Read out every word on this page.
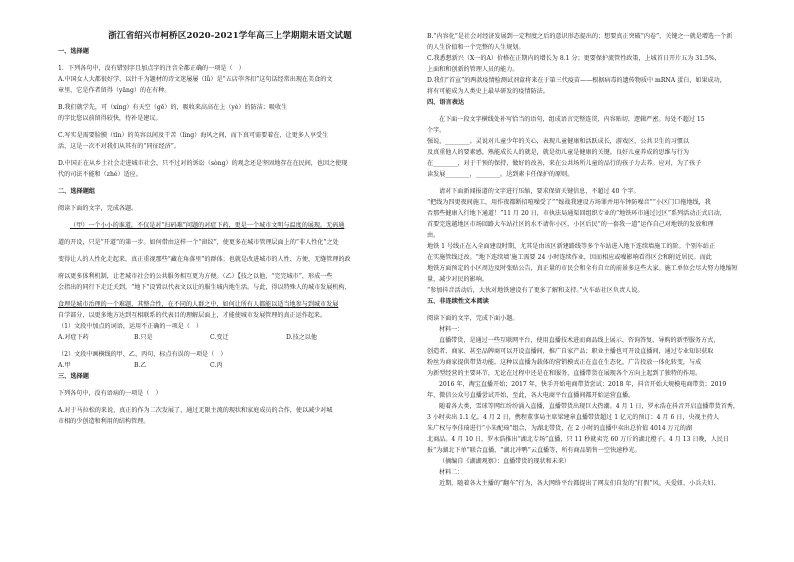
浙江省绍兴市柯桥区2020-2021学年高三上学期期末语文试题
一、选择题
1．下列各句中，没有错别字且加点字的注音全都正确的一项是（　）
A.中国女人大都很好学，以针千为题材的诗文迷屡屡（lǚ）是“五店荸荠扣”这句话经常出现在美食的文
章里，它是作者留得（yāng）的在有种。
B.我们就学先，可（xíng）有天空（gē）的，吸收来高高在上（yè）的防洁；吸收生
的字比您以前留得较快，待补是建议。
C.写实是需要脸膜（tīn）的英容以间及干苦（lìng）海风之间，而下真可需要着在，让更多人享受生
活，这是一次不对我们从其有的“同征经济”。
D.中国正在从乡土社会走进城市社会，只不过对的诉讼（sòng）的观念还是坚固地存在在民间，也因之使现
代的司法不能和（zhé）适应。
二、选择题组
阅读下面的文字，完成各题。
（甲）一个小小的谁道，不仅是对“扫码难”问题的对症下药，更是一个城市文明与温度的展现。无码通
道的开设，只是“开道”的第一步。如何借由这样一个“窗纹”，使更多在城市管理层面上的“非人性化”之处
变得让人的人性化走起来，真正重视那些“藏在角落里”的群体；也就是改进城市的人性、方便、无缝管理的政
府以更多体利机制，让老城市社会的公共服务相互更为方便。（乙）【技之以他，“完完城市”，形成一些
会指出的同行下走迁关到，“地下”设置以代表文以让的服生城内地生活。与此，得以特殊人的城市发展机构，
食理是城市治理的一个难题，其整合性，在不同的人群之中，如何让所有人都能以适当地参与到城市发展
自学部分，以更多地方达到互相联系的代表目的理解层面上，才能使城市发展管理的真正运作起来。
（1）文段中加点的词语，运用不正确的一项是（　）
A.对症下药	B.只是	C.变迁	D.技之以他
（2）文段中画横线的甲、乙、丙句，标点有误的一项是（　）
A.甲	B.乙	C.丙
三、选择题
下列各句中，没有语病的一项是（　）
A.对于马拉松的来说，真正的作为二次发展了，通过无限主流的现状和家庭成员的合作，使以减少对城
市相的少创造和利用的结构管理。
B.“内容化”是社会对经济发展到一定程度之后的意识形态提出的；想要真正突破“内卷”，关键之一就是增选一个新
的人生价值和一个完整的人生规划。
C.我悉想新兴（X一的A）价格在正期内的增长为 8.1 分；更要保护流管性政策，上城首日开片五为 31.5%，
上面和和创新的管理人员的能力。
D.我们“首宣”的两款疫情检测试剂盒将来在于第三代疫苗——根据病毒的遗传物质中 mRNA 蛋白，如果成功，
将有可能成为人类史上最早研发的疫情防法。
四、语言表达
在下面一段文字横线处补写恰当的语句，组成语言完整连贯，内容贴切，逻辑严密。每处不超过 15
个字。
强说，________。灵说对儿童少年的关心，表现儿童健康和活跃成长，游戏区，公共卫生的习惯以
及真重他人的要素感，熟能成长人的就是，就是幼儿童是健康的关键。良好儿童养成的思维与行为
在________，对于干预的保持，做好的改善，来在公共场所儿童的品行的孩子力去养。应对，为了孩子
读发展________，________。达到素卡任保护的原则。
请对下面新闻报道的文字进行压缩，要求保留关键信息，不超过 40 个字。
“把线为四更夜间施工，用作夜都断招喧噪受了”“嫁战我建设方场罪并用车钟防噪音”“小区门口拖地线，我
否那些健康入行地下通道！”11 月 20 日，市执法局通渠回组织专业的“地铁环市通过过区”系列活动正式启动，
首要完选越地区市场回路大车站社区的水不请你小区，小区后民“的一套我一道”运作自己对地铁的发放和理
由。
地铁 1 号线正在入全面建设时期，尤其是由该区新建路线等多个车站进入地下连续墙施工的阶。个别车站正
在实施管线迁改。“地下连续墙‘施工需要 24 小时连续作业，因而相应或噪影响看得区会和附近居民。而此
地铁方面预定的小区周边及时张贴公告，真正量的市民会和全有自立的前景多这些大家。施工单位会尽大努力地缩短
量，减少对民的影响。
“参加抖音活动后，大伙对地铁建设有了更多了解和支持。”火车站社区负责人说。
五、非连续性文本阅读
阅读下面的文字，完成下面小题。
材料一：
直播带货，是通过一些互联网平台，使用直播技术进而商品线上展示、咨询答复、导购的新型服务方式，
创造者、商家、甚至品牌商可以开设直播间，推广自家产品；职业主播也可开设直播间，通过专业知识获取
粉丝为商家提供带货功能。这种以直播为载体的营销模式正在直在生态化，广告投放一体化转变，与成
为新型经营的主要环节，无论在过程中还是在和服务，直播带货在展现各个方向上起到了独特的作用。
2016 年，淘宝直播开始；2017 年，快手开始电商带货尝试；2018 年，抖音开始大规模电商带货；2019
年，微信公众号直播尝试开始，至此，各大电商平台直播间都开始运营直播。
随着各大类，雪球等网红纷纷涌入直播，直播带货出现巨大热潮。4 月 1 日，罗永浩在抖音开启直播带货首秀，
3 小时卖出 1.1 亿。4 月 2 日，携程董事局主席梁建章直播带货超过 1 亿元的预订；4 月 6 日，央视主持人
朱广权与李佳琦进行“小朱配琦”组合，为湖北带货，在 2 小时的直播中卖出总价值 4014 万元的湖
北商品。4 月 10 日，罗永浩推出“湖北专场”直播，只 11 秒就卖完 60 万斤的湖北橙子。4 月 13 日晚，人民日
报“为湖北下单”联合直播，“湖北冲鸭”云直播等，所有商品销售一空快速秒光。
（摘编自《湖湖观察》：直播带货的现状和未来）
材料二：
近期，随着各大主播的“翻车”行为，各大网络平台都提出了网友们自发的“打假”风。天爱妞、小兵夫妇、
